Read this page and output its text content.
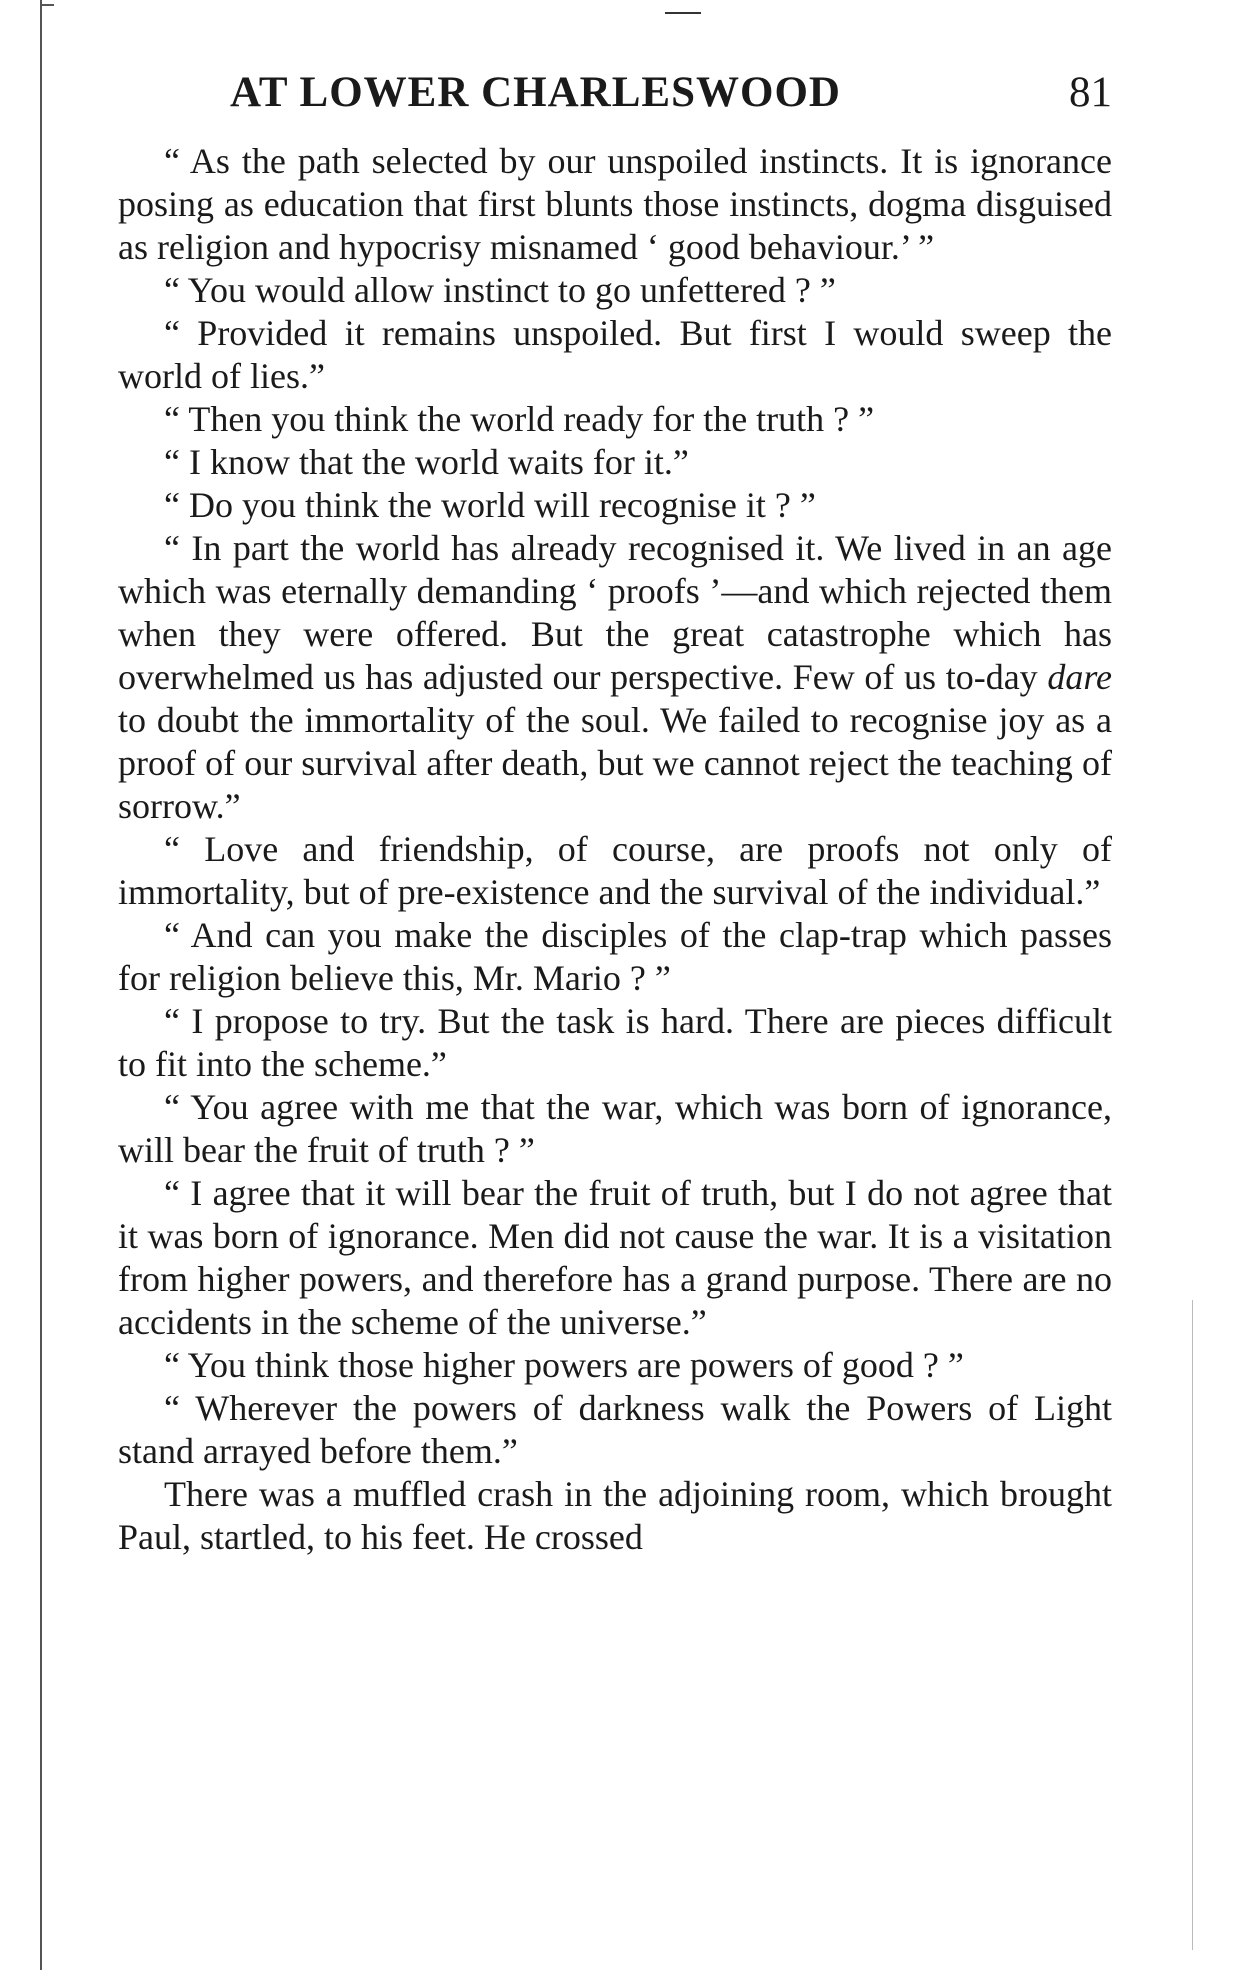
AT LOWER CHARLESWOOD	81

“ As the path selected by our unspoiled instincts. It is ignorance posing as education that first blunts those instincts, dogma disguised as religion and hypocrisy misnamed ‘ good behaviour.’ ”

“ You would allow instinct to go unfettered ? ”

“ Provided it remains unspoiled. But first I would sweep the world of lies.”

“ Then you think the world ready for the truth ? ”

“ I know that the world waits for it.”

“ Do you think the world will recognise it ? ”

“ In part the world has already recognised it. We lived in an age which was eternally demanding ‘ proofs ’—and which rejected them when they were offered. But the great catastrophe which has overwhelmed us has adjusted our perspective. Few of us to-day dare to doubt the immortality of the soul. We failed to recognise joy as a proof of our survival after death, but we cannot reject the teaching of sorrow.”

“ Love and friendship, of course, are proofs not only of immortality, but of pre-existence and the survival of the individual.”

“ And can you make the disciples of the clap-trap which passes for religion believe this, Mr. Mario ? ”

“ I propose to try. But the task is hard. There are pieces difficult to fit into the scheme.”

“ You agree with me that the war, which was born of ignorance, will bear the fruit of truth ? ”

“ I agree that it will bear the fruit of truth, but I do not agree that it was born of ignorance. Men did not cause the war. It is a visitation from higher powers, and therefore has a grand purpose. There are no accidents in the scheme of the universe.”

“ You think those higher powers are powers of good ? ”

“ Wherever the powers of darkness walk the Powers of Light stand arrayed before them.”

There was a muffled crash in the adjoining room, which brought Paul, startled, to his feet. He crossed
